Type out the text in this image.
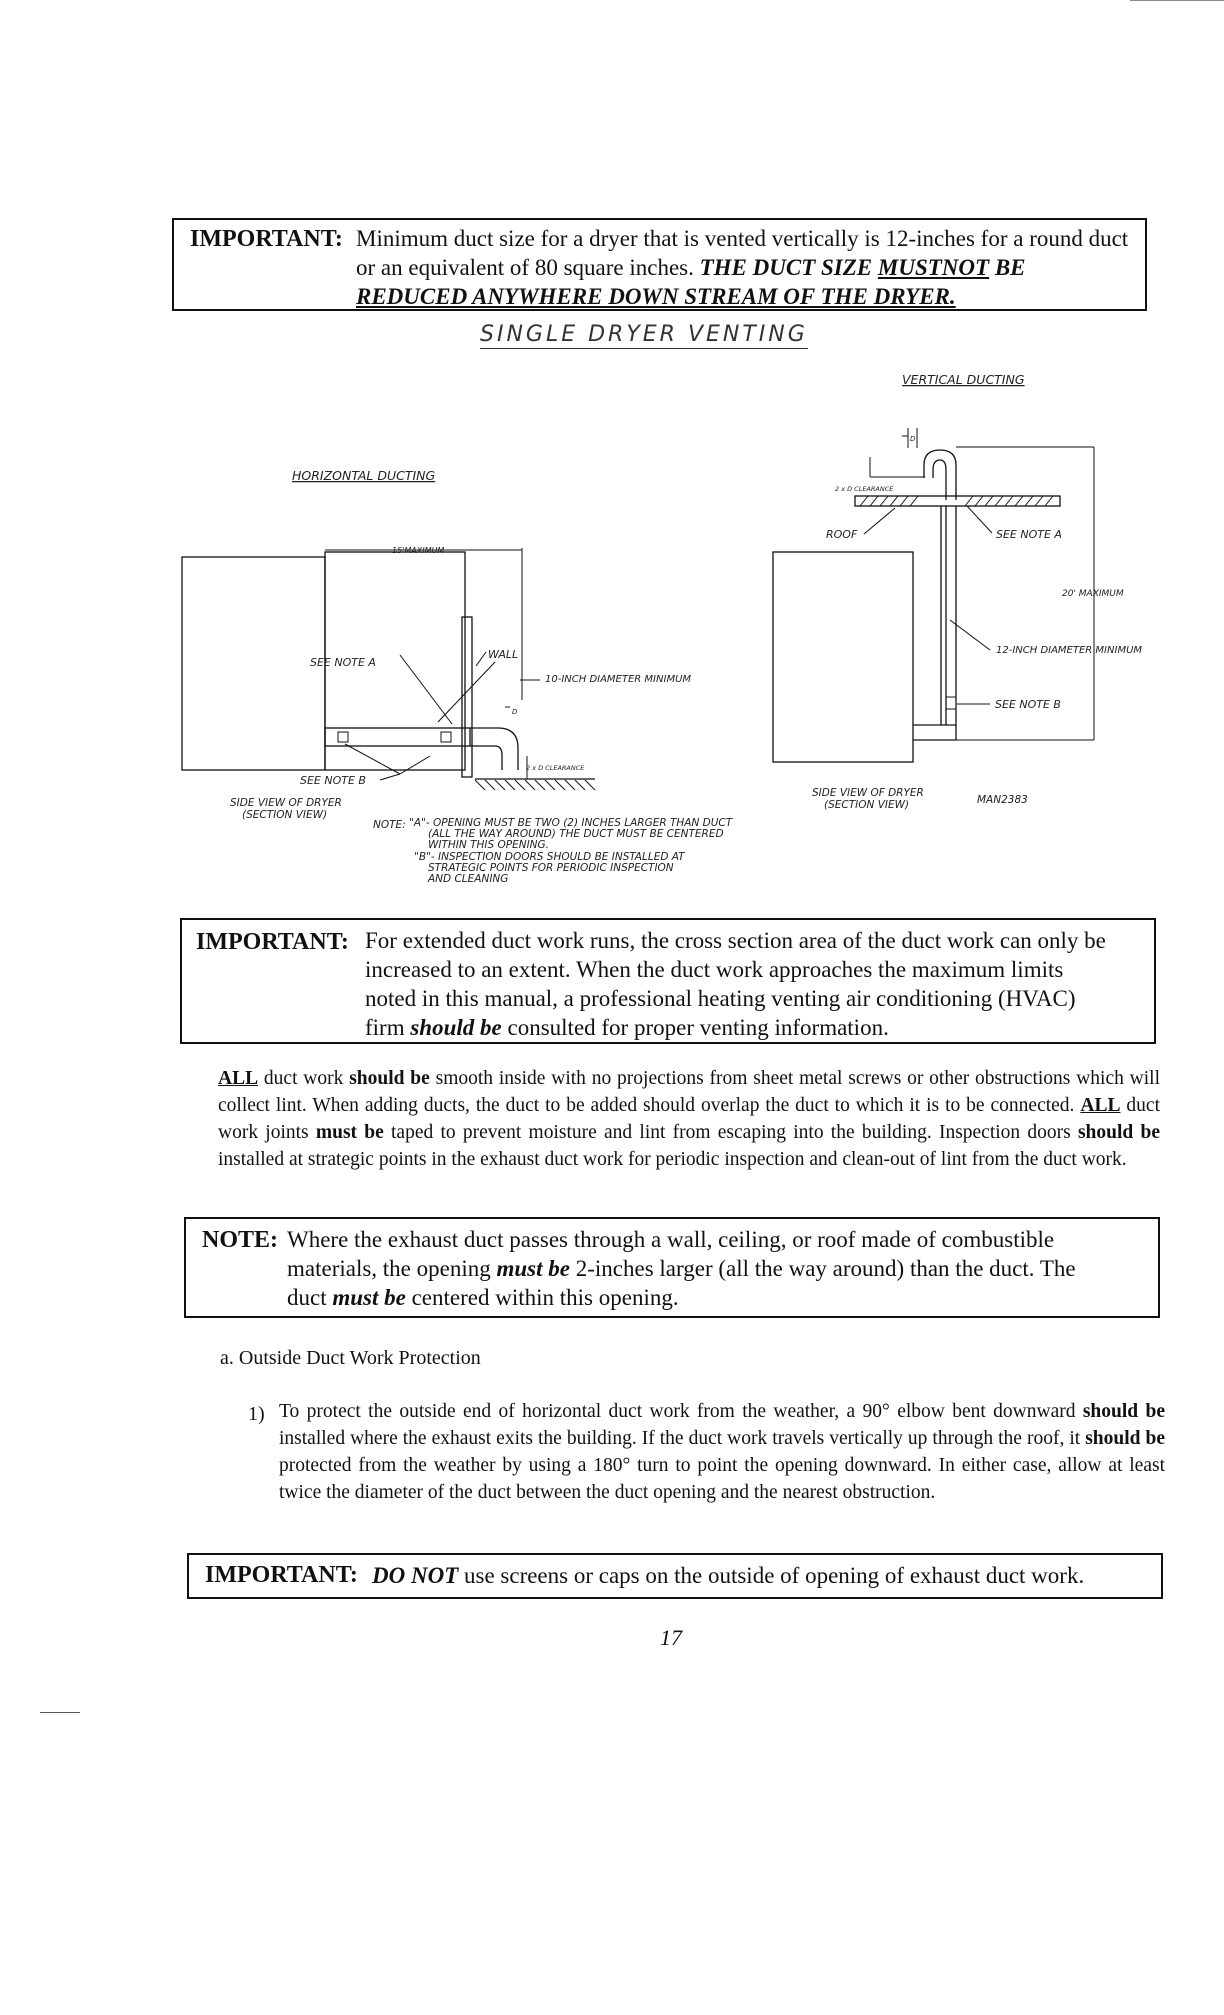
IMPORTANT: Minimum duct size for a dryer that is vented vertically is 12-inches for a round duct or an equivalent of 80 square inches. THE DUCT SIZE MUSTNOT BE REDUCED ANYWHERE DOWN STREAM OF THE DRYER.
SINGLE DRYER VENTING
HORIZONTAL DUCTING
15'MAXIMUM
WALL
SEE NOTE A
10-INCH DIAMETER MINIMUM
D
2 x D CLEARANCE
SEE NOTE B
SIDE VIEW OF DRYER
(SECTION VIEW)
NOTE: "A"- OPENING MUST BE TWO (2) INCHES LARGER THAN DUCT
(ALL THE WAY AROUND) THE DUCT MUST BE CENTERED
WITHIN THIS OPENING.
"B"- INSPECTION DOORS SHOULD BE INSTALLED AT
STRATEGIC POINTS FOR PERIODIC INSPECTION
AND CLEANING
VERTICAL DUCTING
D
2 x D CLEARANCE
ROOF
20' MAXIMUM
SEE NOTE A
12-INCH DIAMETER MINIMUM
SEE NOTE B
SIDE VIEW OF DRYER
(SECTION VIEW)	MAN2383
IMPORTANT: For extended duct work runs, the cross section area of the duct work can only be
increased to an extent. When the duct work approaches the maximum limits
noted in this manual, a professional heating venting air conditioning (HVAC)
firm should be consulted for proper venting information.
ALL duct work should be smooth inside with no projections from sheet metal screws or other obstructions which will collect lint. When adding ducts, the duct to be added should overlap the duct to which it is to be connected. ALL duct work joints must be taped to prevent moisture and lint from escaping into the building. Inspection doors should be installed at strategic points in the exhaust duct work for periodic inspection and clean-out of lint from the duct work.
NOTE: Where the exhaust duct passes through a wall, ceiling, or roof made of combustible
materials, the opening must be 2-inches larger (all the way around) than the duct. The
duct must be centered within this opening.
a. Outside Duct Work Protection
1) To protect the outside end of horizontal duct work from the weather, a 90° elbow bent downward should be installed where the exhaust exits the building. If the duct work travels vertically up through the roof, it should be protected from the weather by using a 180° turn to point the opening downward. In either case, allow at least twice the diameter of the duct between the duct opening and the nearest obstruction.
IMPORTANT: DO NOT use screens or caps on the outside of opening of exhaust duct work.
17
